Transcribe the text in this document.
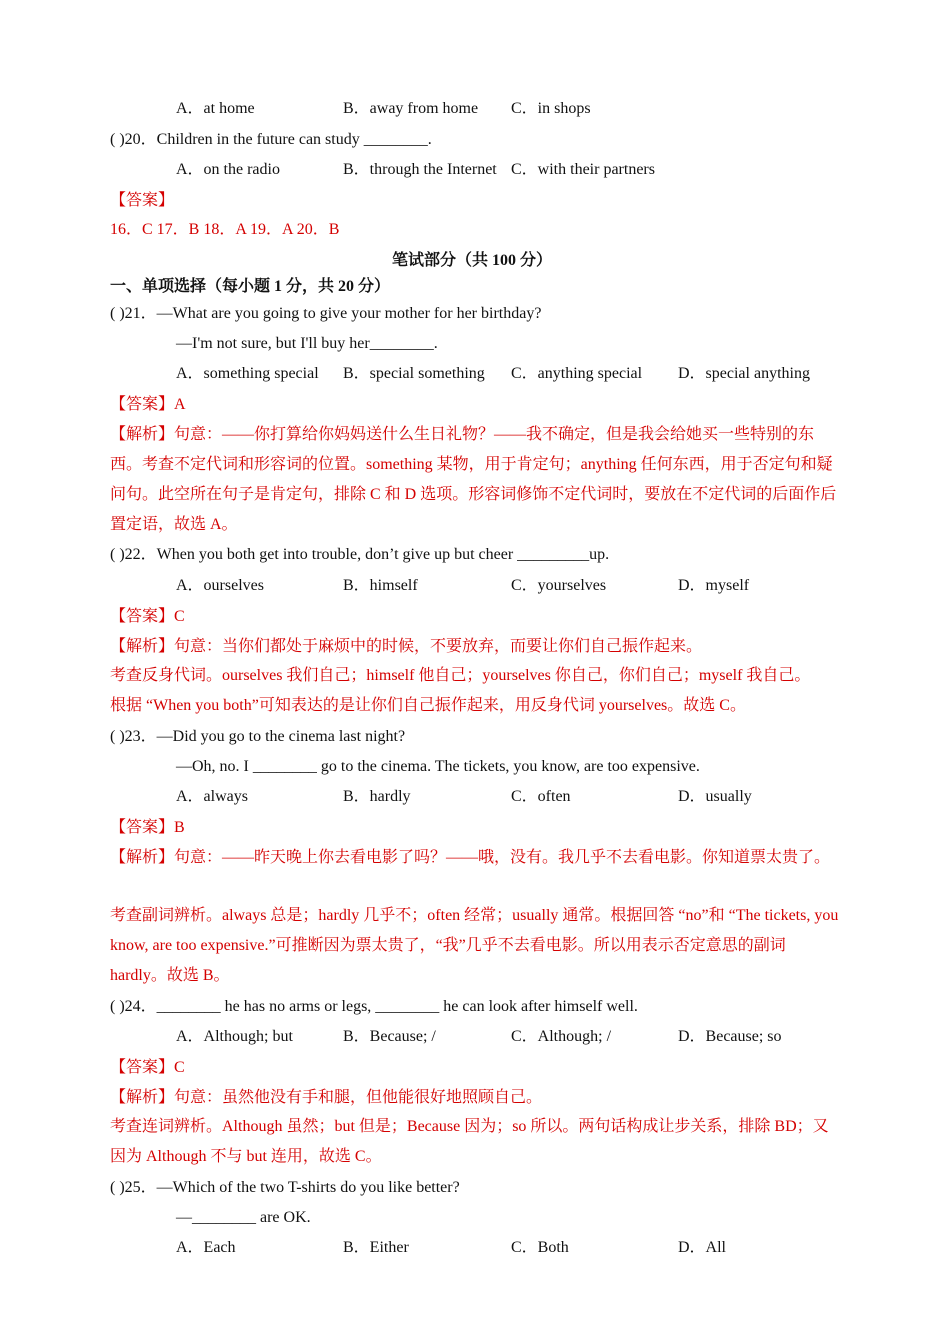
A．at home	B．away from home C．in shops
( )20．Children in the future can study ________.
A．on the radio	B．through the Internet C．with their partners
【答案】
16．C 17．B 18．A 19．A 20．B
笔试部分（共 100 分）
一、单项选择（每小题 1 分，共 20 分）
( )21．—What are you going to give your mother for her birthday?
—I'm not sure, but I'll buy her________.
A．something special B．special something C．anything special D．special anything
【答案】A
【解析】句意：——你打算给你妈妈送什么生日礼物？——我不确定，但是我会给她买一些特别的东西。考查不定代词和形容词的位置。something 某物，用于肯定句；anything 任何东西，用于否定句和疑问句。此空所在句子是肯定句，排除 C 和 D 选项。形容词修饰不定代词时，要放在不定代词的后面作后置定语，故选 A。
( )22．When you both get into trouble, don’t give up but cheer _________up.
A．ourselves	B．himself	C．yourselves	D．myself
【答案】C
【解析】句意：当你们都处于麻烦中的时候，不要放弃，而要让你们自己振作起来。
考查反身代词。ourselves 我们自己；himself 他自己；yourselves 你自己，你们自己；myself 我自己。
根据 “When you both”可知表达的是让你们自己振作起来，用反身代词 yourselves。故选 C。
( )23．—Did you go to the cinema last night?
—Oh, no. I ________ go to the cinema. The tickets, you know, are too expensive.
A．always	B．hardly	C．often	D．usually
【答案】B
【解析】句意：——昨天晚上你去看电影了吗？——哦，没有。我几乎不去看电影。你知道票太贵了。
考查副词辨析。always 总是；hardly 几乎不；often 经常；usually 通常。根据回答 “no”和 “The tickets, you know, are too expensive.”可推断因为票太贵了，“我”几乎不去看电影。所以用表示否定意思的副词 hardly。故选 B。
( )24．________ he has no arms or legs, ________ he can look after himself well.
A．Although; but	B．Because; /	C．Although; /	D．Because; so
【答案】C
【解析】句意：虽然他没有手和腿，但他能很好地照顾自己。
考查连词辨析。Although 虽然；but 但是；Because 因为；so 所以。两句话构成让步关系，排除 BD；又因为 Although 不与 but 连用，故选 C。
( )25．—Which of the two T-shirts do you like better?
—________ are OK.
A．Each	B．Either	C．Both	D．All
